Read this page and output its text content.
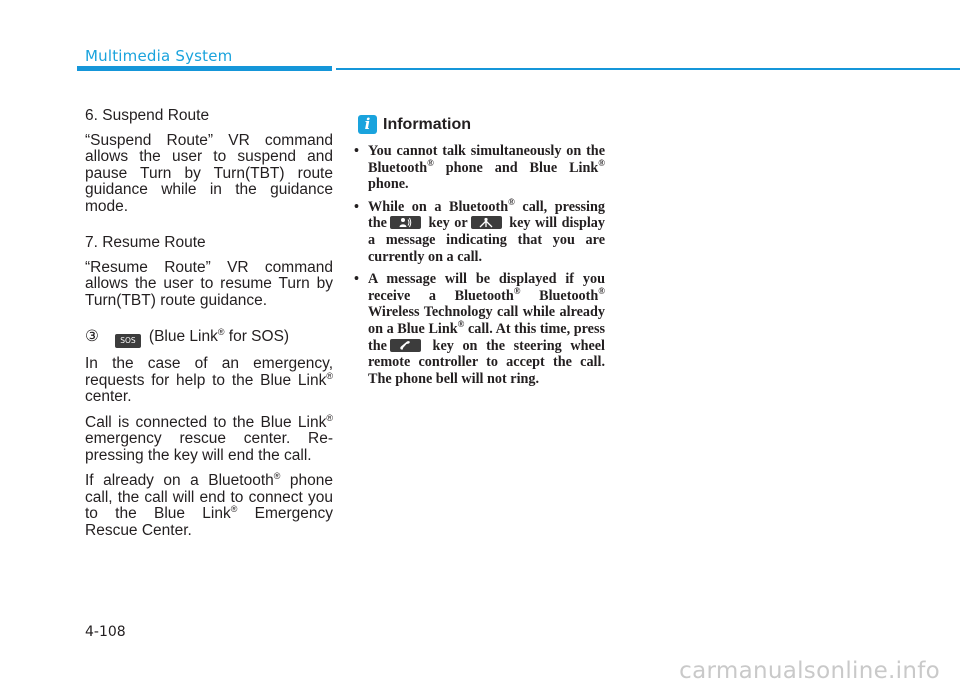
Multimedia System

6. Suspend Route

“Suspend Route” VR command allows the user to suspend and pause Turn by Turn(TBT) route guidance while in the guidance mode.

7. Resume Route

“Resume Route” VR command allows the user to resume Turn by Turn(TBT) route guidance.

③	SOS (Blue Link® for SOS)

In the case of an emergency, requests for help to the Blue Link® center.

Call is connected to the Blue Link® emergency rescue center. Re-pressing the key will end the call.

If already on a Bluetooth® phone call, the call will end to connect you to the Blue Link® Emergency Rescue Center.

i Information
• You cannot talk simultaneously on the Bluetooth® phone and Blue Link® phone.
• While on a Bluetooth® call, pressing the	key or	key will display a message indicating that you are currently on a call.
• A message will be displayed if you receive a Bluetooth® Bluetooth® Wireless Technology call while already on a Blue Link® call. At this time, press the	key on the steering wheel remote controller to accept the call. The phone bell will not ring.
4-108
carmanualsonline.info
